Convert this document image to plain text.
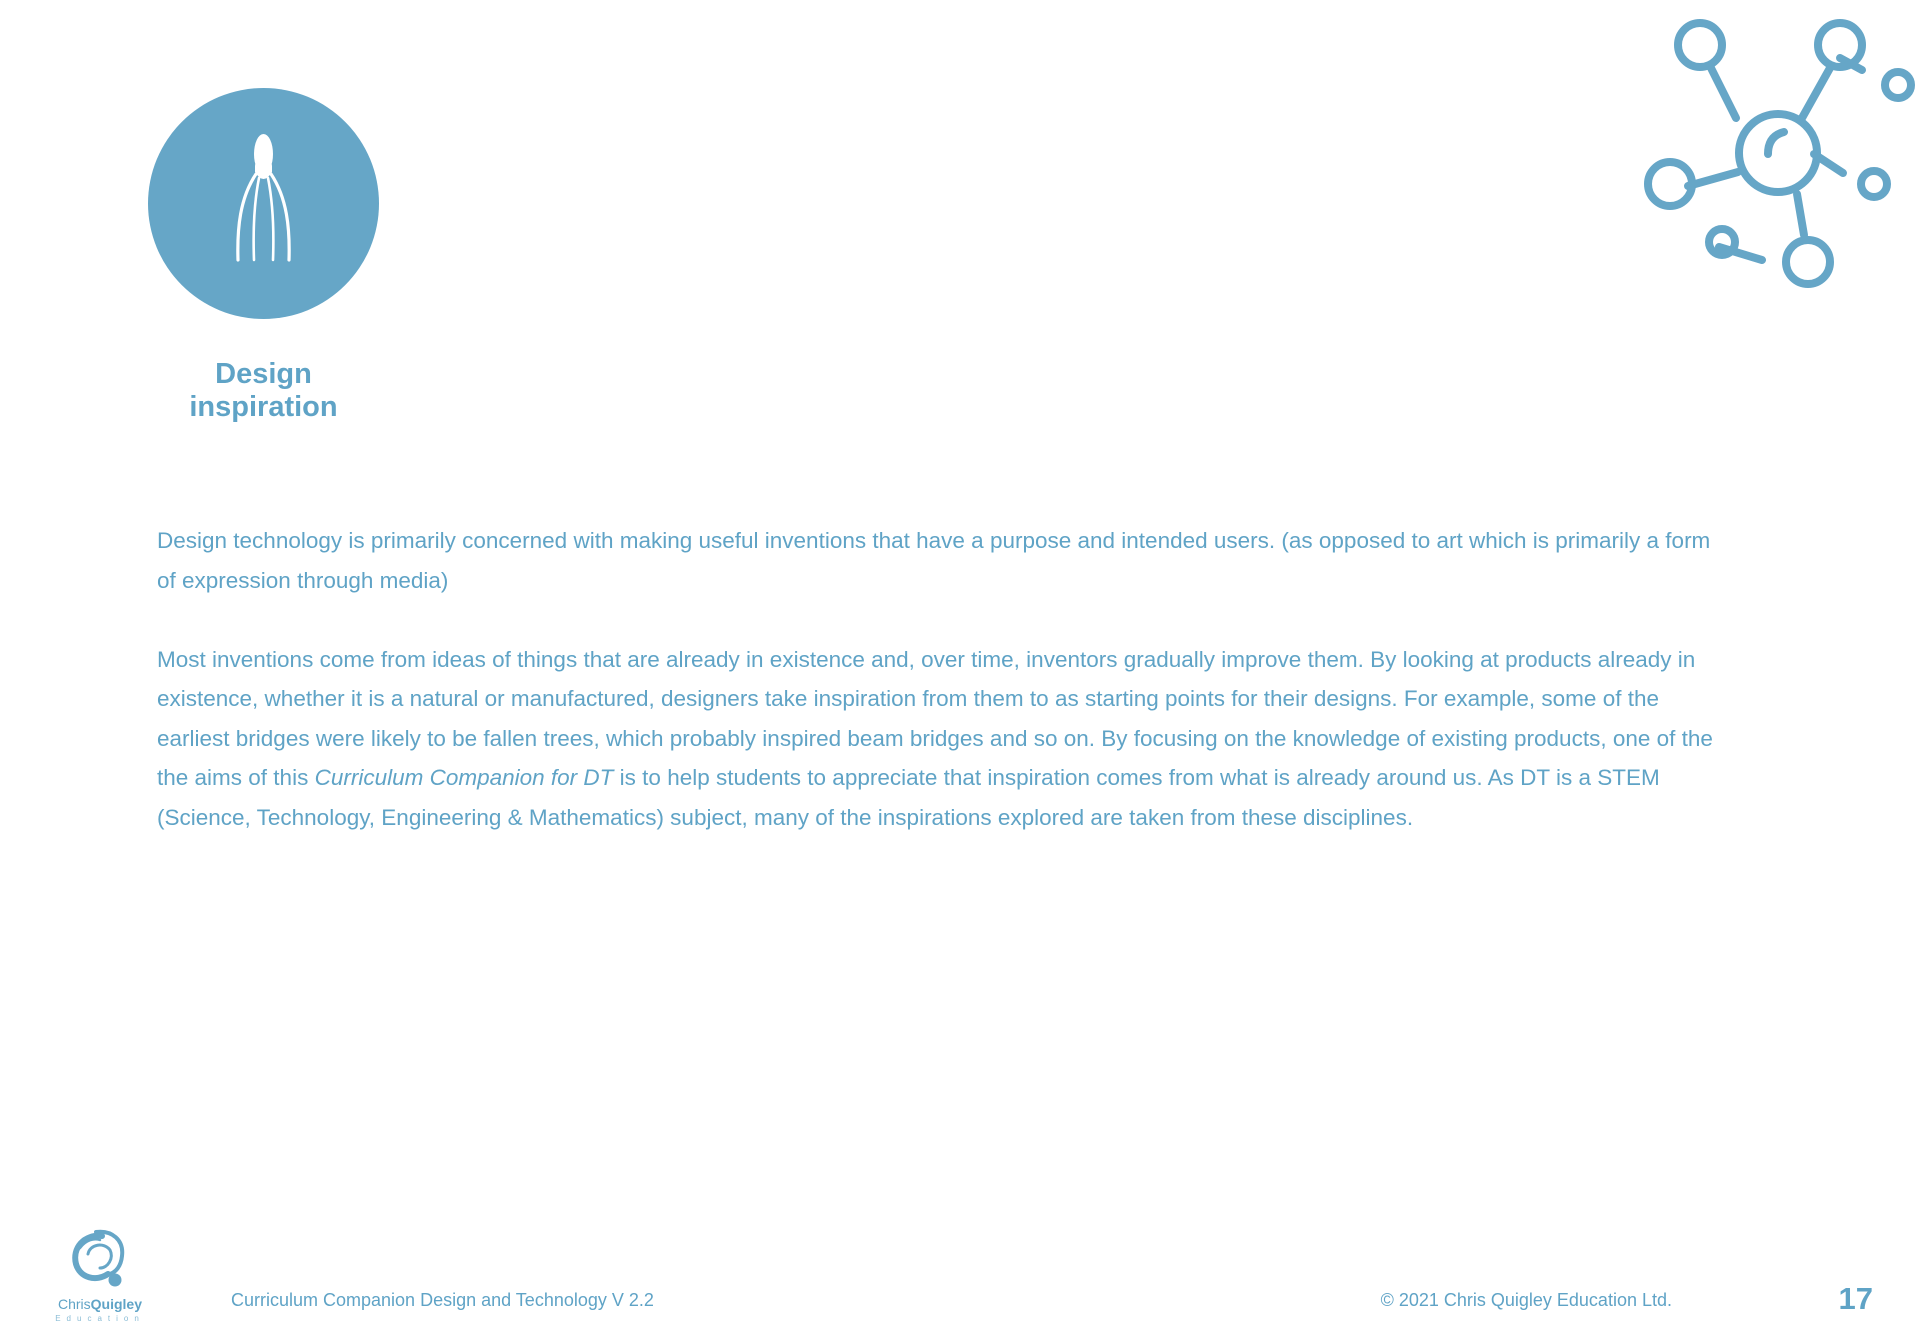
Design
inspiration

Design technology is primarily concerned with making useful inventions that have a purpose and intended users. (as opposed to art which is primarily a form of expression through media)

Most inventions come from ideas of things that are already in existence and, over time, inventors gradually improve them. By looking at products already in existence, whether it is a natural or manufactured, designers take inspiration from them to as starting points for their designs. For example, some of the earliest bridges were likely to be fallen trees, which probably inspired beam bridges and so on. By focusing on the knowledge of existing products, one of the the aims of this Curriculum Companion for DT is to help students to appreciate that inspiration comes from what is already around us. As DT is a STEM (Science, Technology, Engineering & Mathematics) subject, many of the inspirations explored are taken from these disciplines.

ChrisQuigley
Education
Curriculum Companion Design and Technology V 2.2	© 2021 Chris Quigley Education Ltd.	17
